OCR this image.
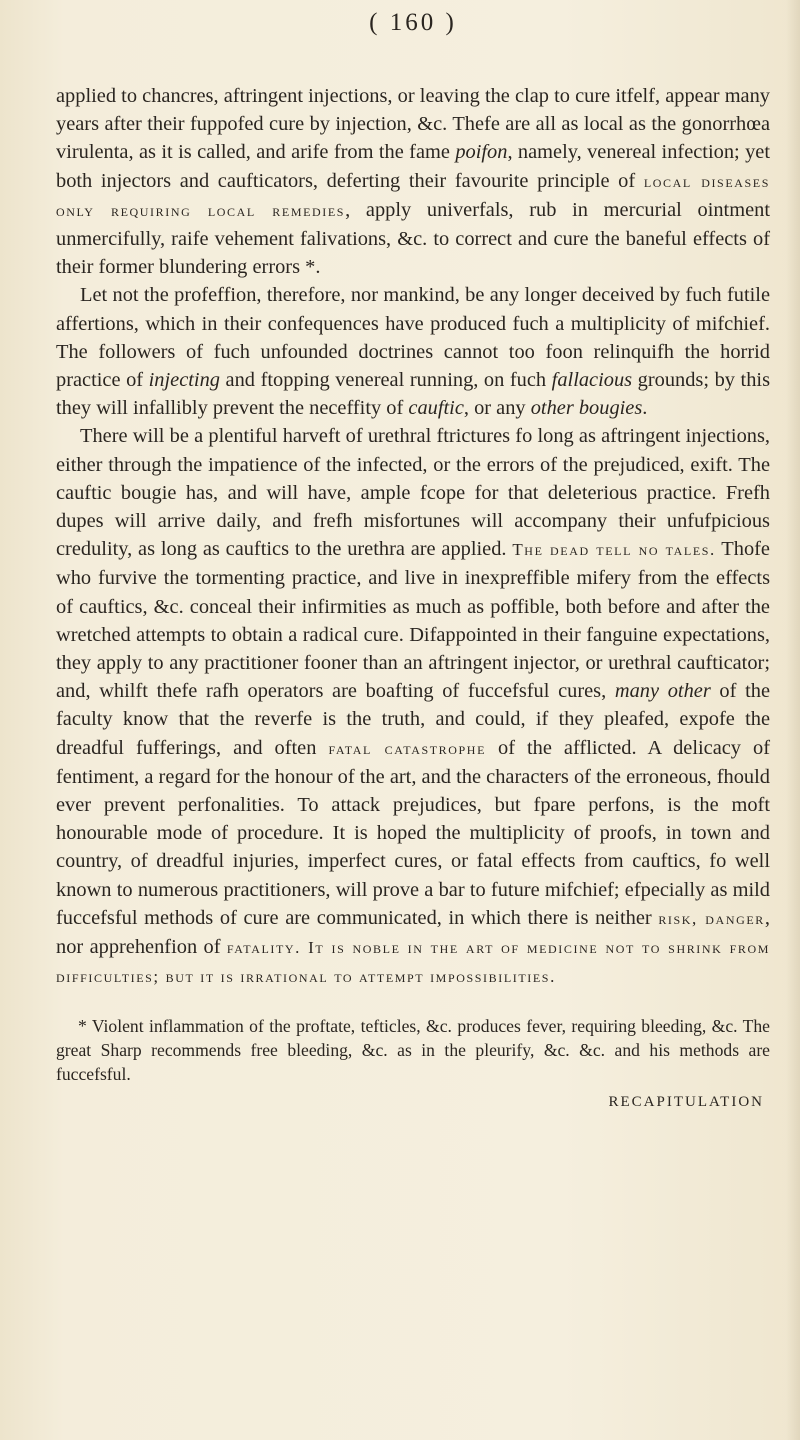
( 160 )

applied to chancres, aftringent injections, or leaving the clap to cure itfelf, appear many years after their fuppofed cure by injection, &c. Thefe are all as local as the gonorrhœa virulenta, as it is called, and arife from the fame poifon, namely, venereal infection; yet both injectors and caufticators, deferting their favourite principle of local diseases only requiring local remedies, apply univerfals, rub in mercurial ointment unmercifully, raife vehement falivations, &c. to correct and cure the baneful effects of their former blundering errors *.

Let not the profeffion, therefore, nor mankind, be any longer deceived by fuch futile affertions, which in their confequences have produced fuch a multiplicity of mifchief. The followers of fuch unfounded doctrines cannot too foon relinquifh the horrid practice of injecting and ftopping venereal running, on fuch fallacious grounds; by this they will infallibly prevent the neceffity of cauftic, or any other bougies.

There will be a plentiful harveft of urethral ftrictures fo long as aftringent injections, either through the impatience of the infected, or the errors of the prejudiced, exift. The cauftic bougie has, and will have, ample fcope for that deleterious practice. Frefh dupes will arrive daily, and frefh misfortunes will accompany their unfufpicious credulity, as long as cauftics to the urethra are applied. The dead tell no tales. Thofe who furvive the tormenting practice, and live in inexpreffible mifery from the effects of cauftics, &c. conceal their infirmities as much as poffible, both before and after the wretched attempts to obtain a radical cure. Difappointed in their fanguine expectations, they apply to any practitioner fooner than an aftringent injector, or urethral caufticator; and, whilft thefe rafh operators are boafting of fuccefsful cures, many other of the faculty know that the reverfe is the truth, and could, if they pleafed, expofe the dreadful fufferings, and often fatal catastrophe of the afflicted. A delicacy of fentiment, a regard for the honour of the art, and the characters of the erroneous, fhould ever prevent perfonalities. To attack prejudices, but fpare perfons, is the moft honourable mode of procedure. It is hoped the multiplicity of proofs, in town and country, of dreadful injuries, imperfect cures, or fatal effects from cauftics, fo well known to numerous practitioners, will prove a bar to future mifchief; efpecially as mild fuccefsful methods of cure are communicated, in which there is neither risk, danger, nor apprehenfion of fatality. It is noble in the art of medicine not to shrink from difficulties; but it is irrational to attempt impossibilities.

* Violent inflammation of the proftate, tefticles, &c. produces fever, requiring bleeding, &c. The great Sharp recommends free bleeding, &c. as in the pleurify, &c. &c. and his methods are fuccefsful.
RECAPITULATION
